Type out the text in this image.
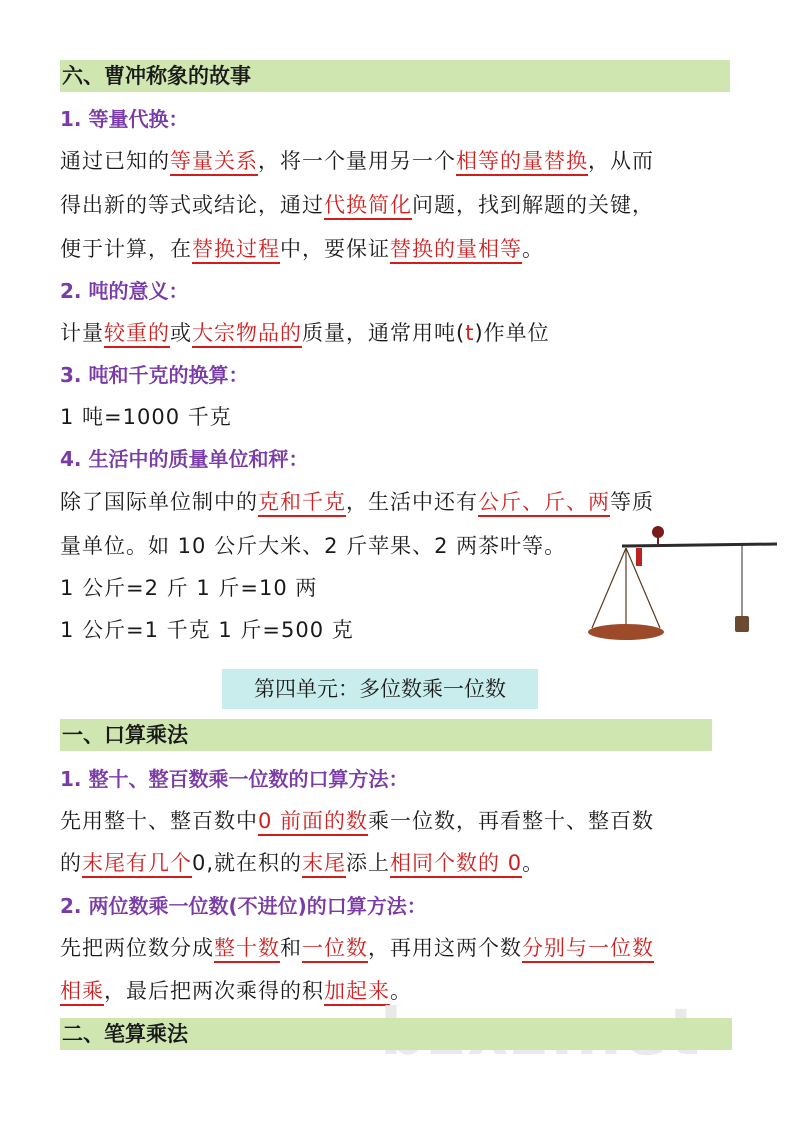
六、曹冲称象的故事
1. 等量代换：
通过已知的等量关系，将一个量用另一个相等的量替换，从而
得出新的等式或结论，通过代换简化问题，找到解题的关键，
便于计算，在替换过程中，要保证替换的量相等。
2. 吨的意义：
计量较重的或大宗物品的质量，通常用吨(t)作单位
3. 吨和千克的换算：
1 吨=1000 千克
4. 生活中的质量单位和秤：
除了国际单位制中的克和千克，生活中还有公斤、斤、两等质
量单位。如 10 公斤大米、2 斤苹果、2 两茶叶等。
1 公斤=2 斤 1 斤=10 两
1 公斤=1 千克 1 斤=500 克
第四单元：多位数乘一位数
一、口算乘法
1. 整十、整百数乘一位数的口算方法：
先用整十、整百数中0 前面的数乘一位数，再看整十、整百数
的末尾有几个0,就在积的末尾添上相同个数的 0。
2. 两位数乘一位数(不进位)的口算方法：
先把两位数分成整十数和一位数，再用这两个数分别与一位数
相乘，最后把两次乘得的积加起来。
二、笔算乘法
